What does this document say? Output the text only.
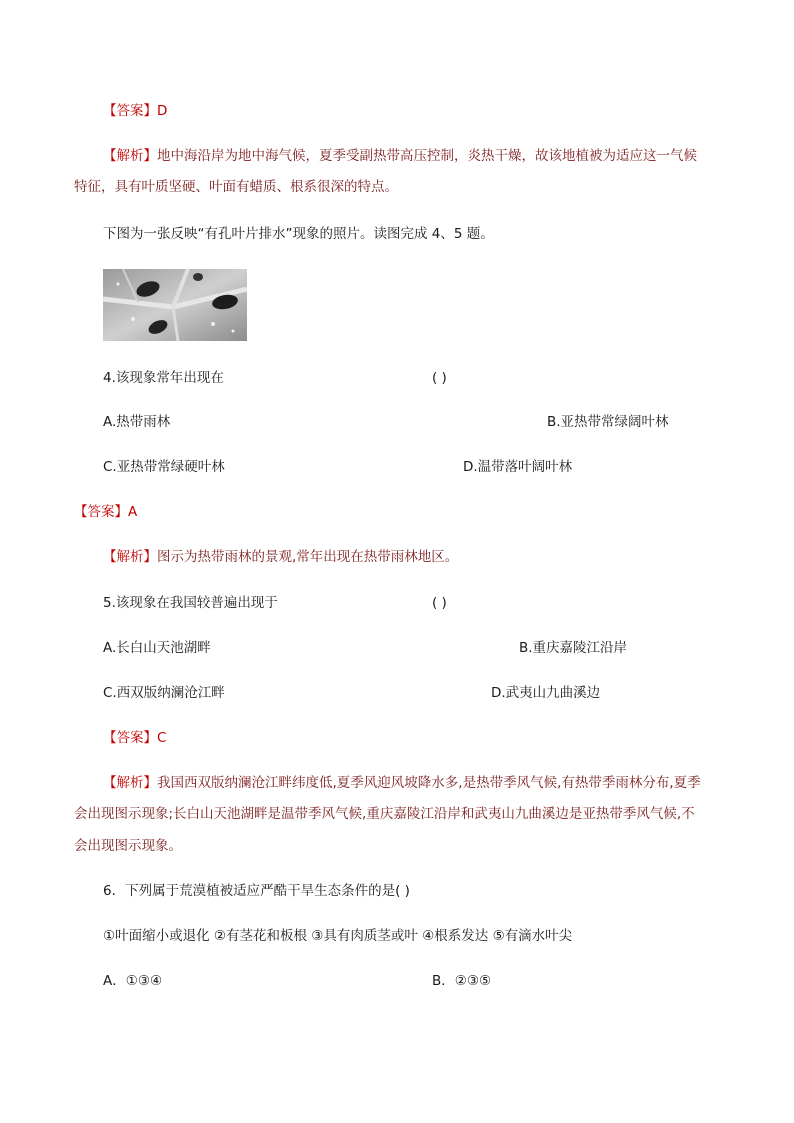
【答案】D
【解析】地中海沿岸为地中海气候，夏季受副热带高压控制，炎热干燥，故该地植被为适应这一气候
特征，具有叶质坚硬、叶面有蜡质、根系很深的特点。
下图为一张反映“有孔叶片排水”现象的照片。读图完成 4、5 题。
4.该现象常年出现在	( )
A.热带雨林	B.亚热带常绿阔叶林
C.亚热带常绿硬叶林	D.温带落叶阔叶林
【答案】A
【解析】图示为热带雨林的景观,常年出现在热带雨林地区。
5.该现象在我国较普遍出现于	( )
A.长白山天池湖畔	B.重庆嘉陵江沿岸
C.西双版纳澜沧江畔	D.武夷山九曲溪边
【答案】C
【解析】我国西双版纳澜沧江畔纬度低,夏季风迎风坡降水多,是热带季风气候,有热带季雨林分布,夏季
会出现图示现象;长白山天池湖畔是温带季风气候,重庆嘉陵江沿岸和武夷山九曲溪边是亚热带季风气候,不
会出现图示现象。
6．下列属于荒漠植被适应严酷干旱生态条件的是( )
①叶面缩小或退化 ②有茎花和板根 ③具有肉质茎或叶 ④根系发达 ⑤有滴水叶尖
A．①③④	B．②③⑤
